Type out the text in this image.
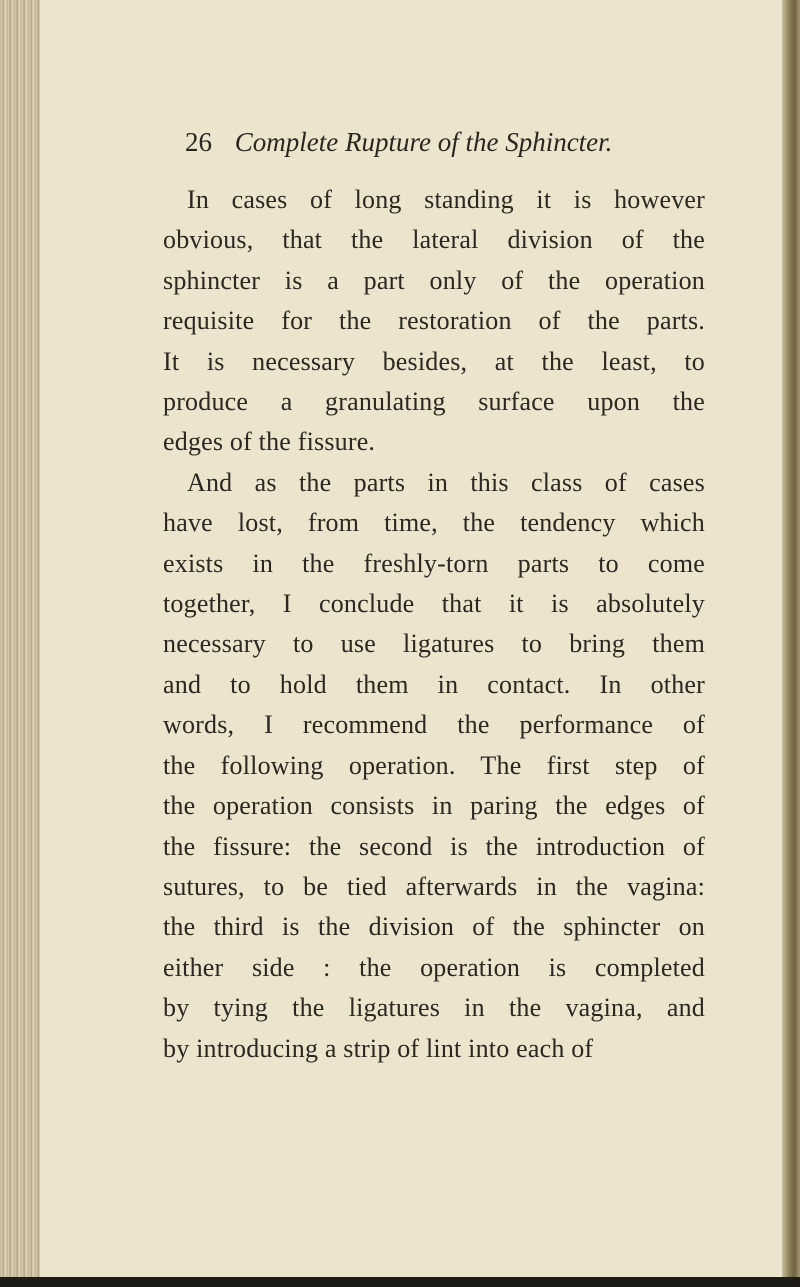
26 Complete Rupture of the Sphincter.
In cases of long standing it is however
obvious, that the lateral division of the
sphincter is a part only of the operation
requisite for the restoration of the parts.
It is necessary besides, at the least, to
produce a granulating surface upon the
edges of the fissure.
And as the parts in this class of cases
have lost, from time, the tendency which
exists in the freshly-torn parts to come
together, I conclude that it is absolutely
necessary to use ligatures to bring them
and to hold them in contact. In other
words, I recommend the performance of
the following operation. The first step of
the operation consists in paring the edges of
the fissure: the second is the introduction of
sutures, to be tied afterwards in the vagina:
the third is the division of the sphincter on
either side : the operation is completed
by tying the ligatures in the vagina, and
by introducing a strip of lint into each of
